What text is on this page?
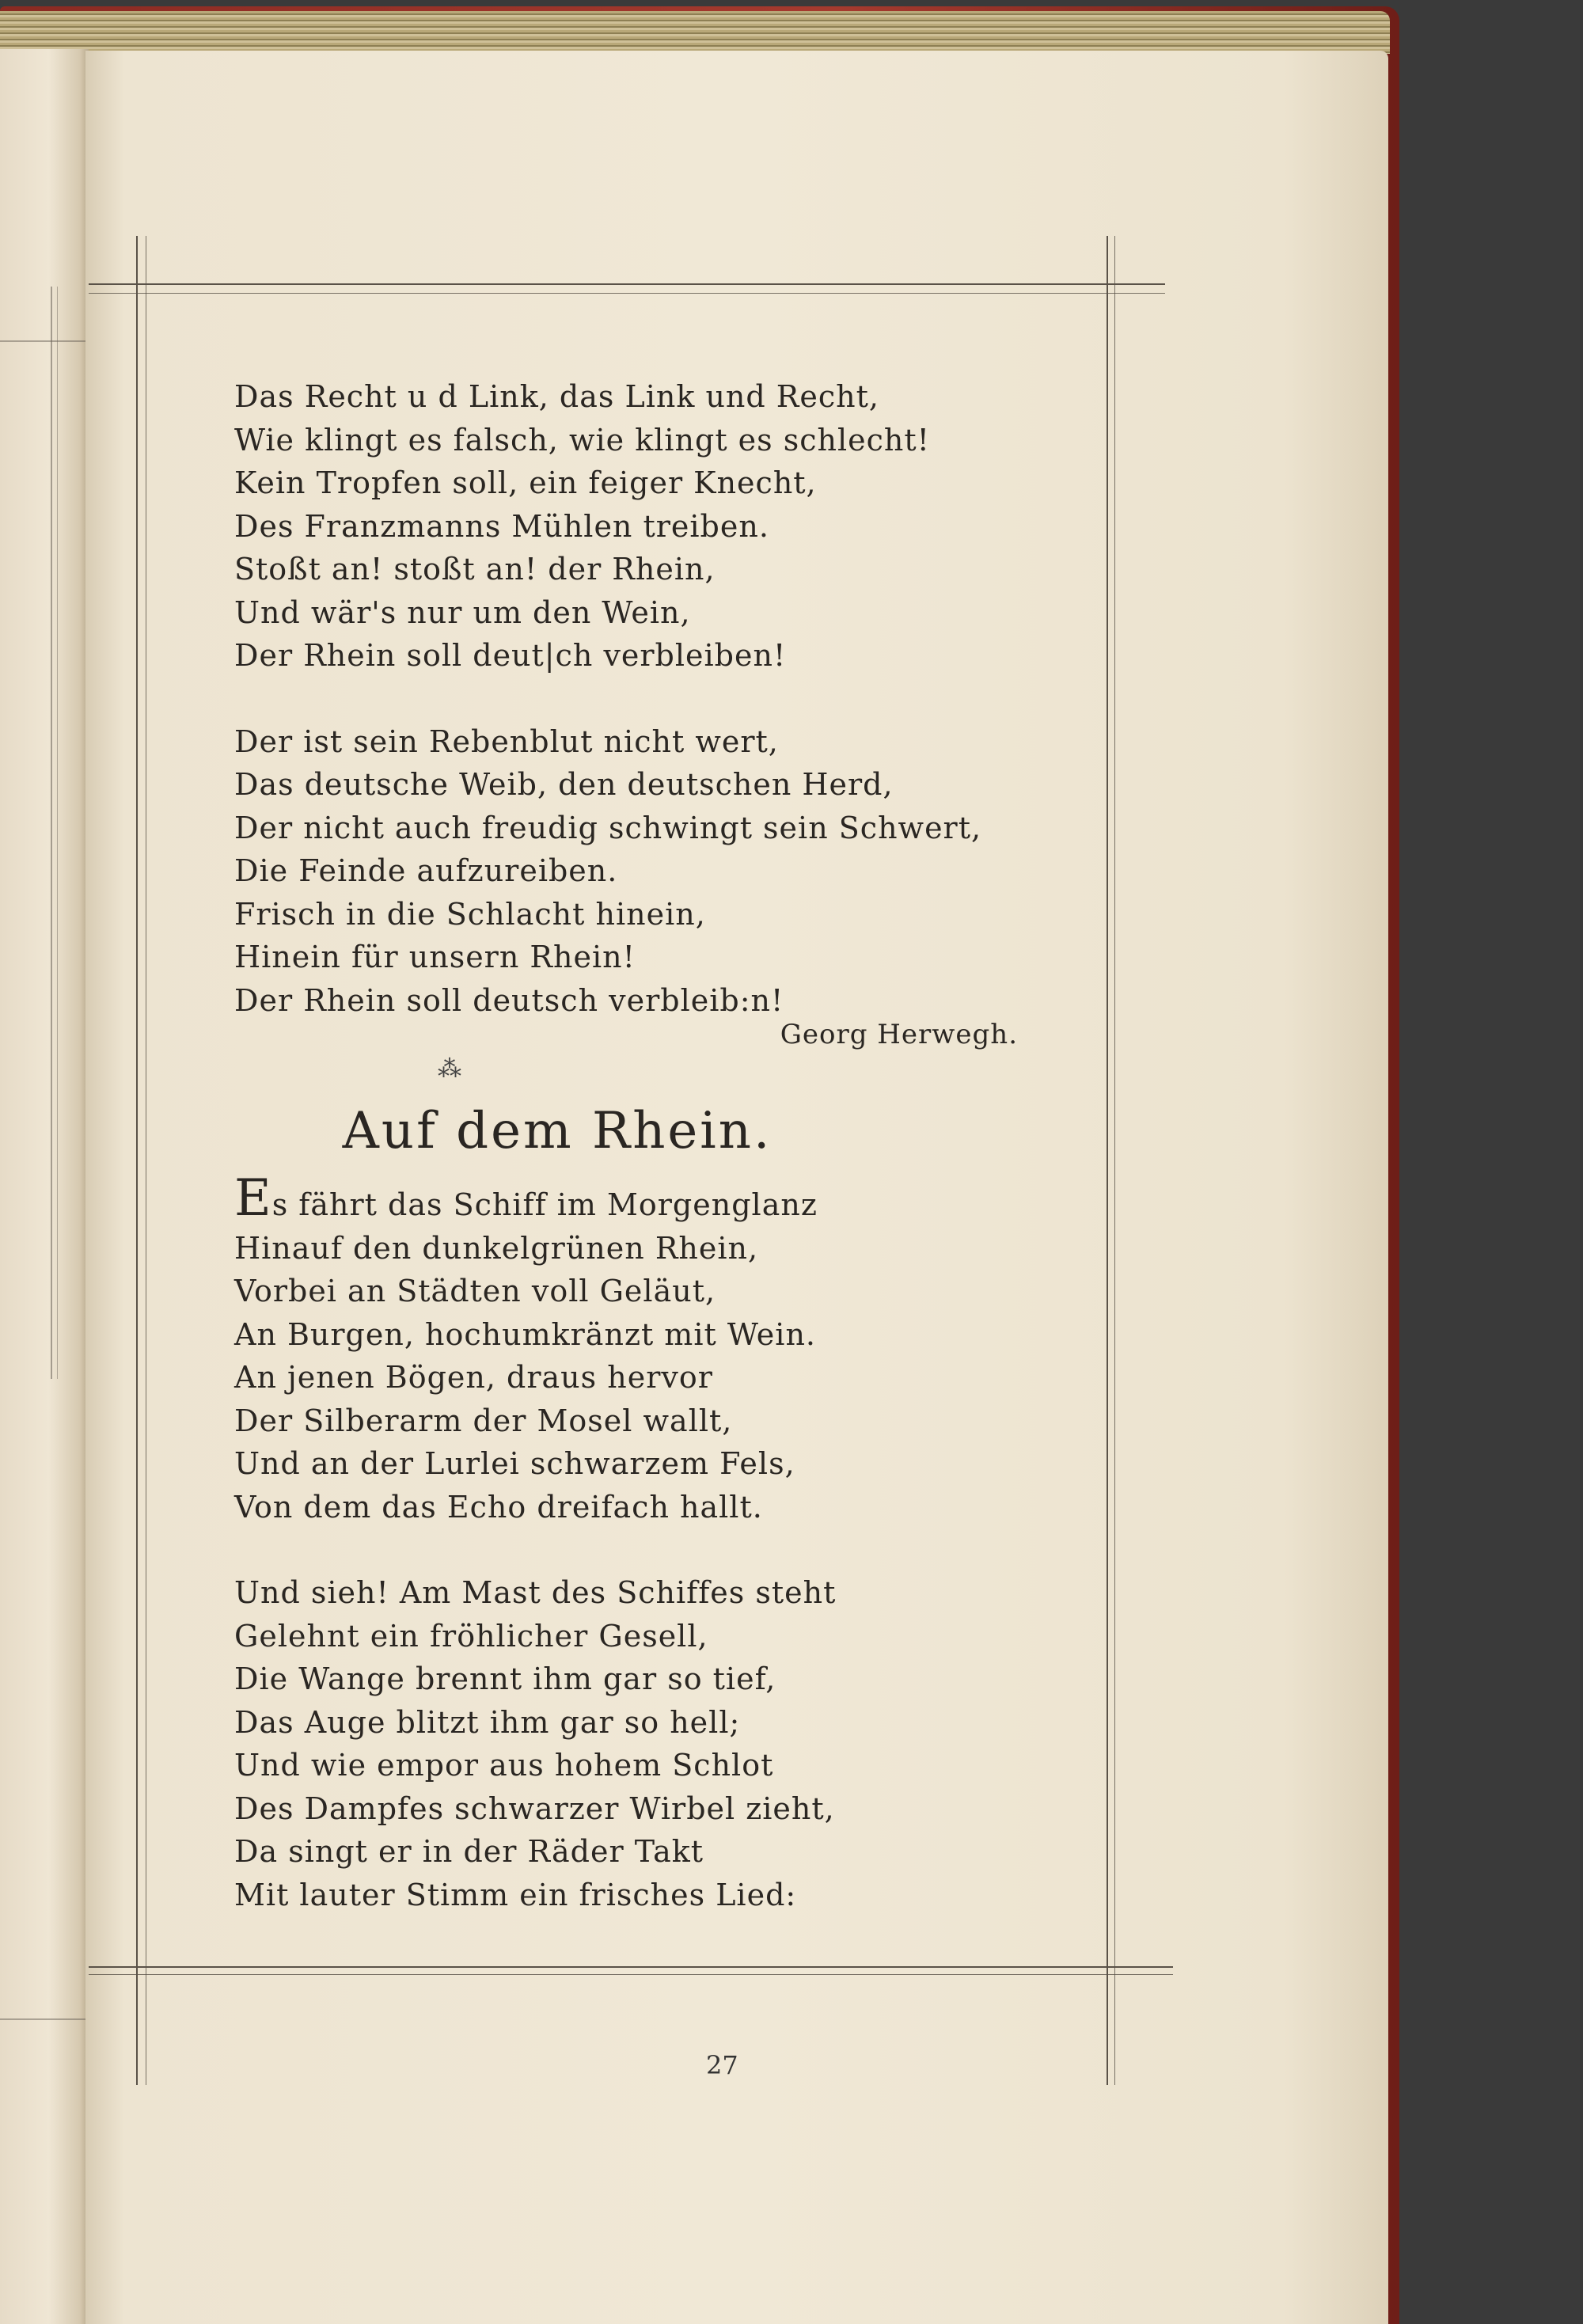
27
Das Recht u d Link, das Link und Recht,
Wie klingt es falsch, wie klingt es schlecht!
Kein Tropfen soll, ein feiger Knecht,
Des Franzmanns Mühlen treiben.
Stoßt an! stoßt an! der Rhein,
Und wär's nur um den Wein,
Der Rhein soll deut|ch verbleiben!
Der ist sein Rebenblut nicht wert,
Das deutsche Weib, den deutschen Herd,
Der nicht auch freudig schwingt sein Schwert,
Die Feinde aufzureiben.
Frisch in die Schlacht hinein,
Hinein für unsern Rhein!
Der Rhein soll deutsch verbleib:n!
Georg Herwegh.
⁂
Auf dem Rhein.
Es fährt das Schiff im Morgenglanz
Hinauf den dunkelgrünen Rhein,
Vorbei an Städten voll Geläut,
An Burgen, hochumkränzt mit Wein.
An jenen Bögen, draus hervor
Der Silberarm der Mosel wallt,
Und an der Lurlei schwarzem Fels,
Von dem das Echo dreifach hallt.
Und sieh! Am Mast des Schiffes steht
Gelehnt ein fröhlicher Gesell,
Die Wange brennt ihm gar so tief,
Das Auge blitzt ihm gar so hell;
Und wie empor aus hohem Schlot
Des Dampfes schwarzer Wirbel zieht,
Da singt er in der Räder Takt
Mit lauter Stimm ein frisches Lied:
